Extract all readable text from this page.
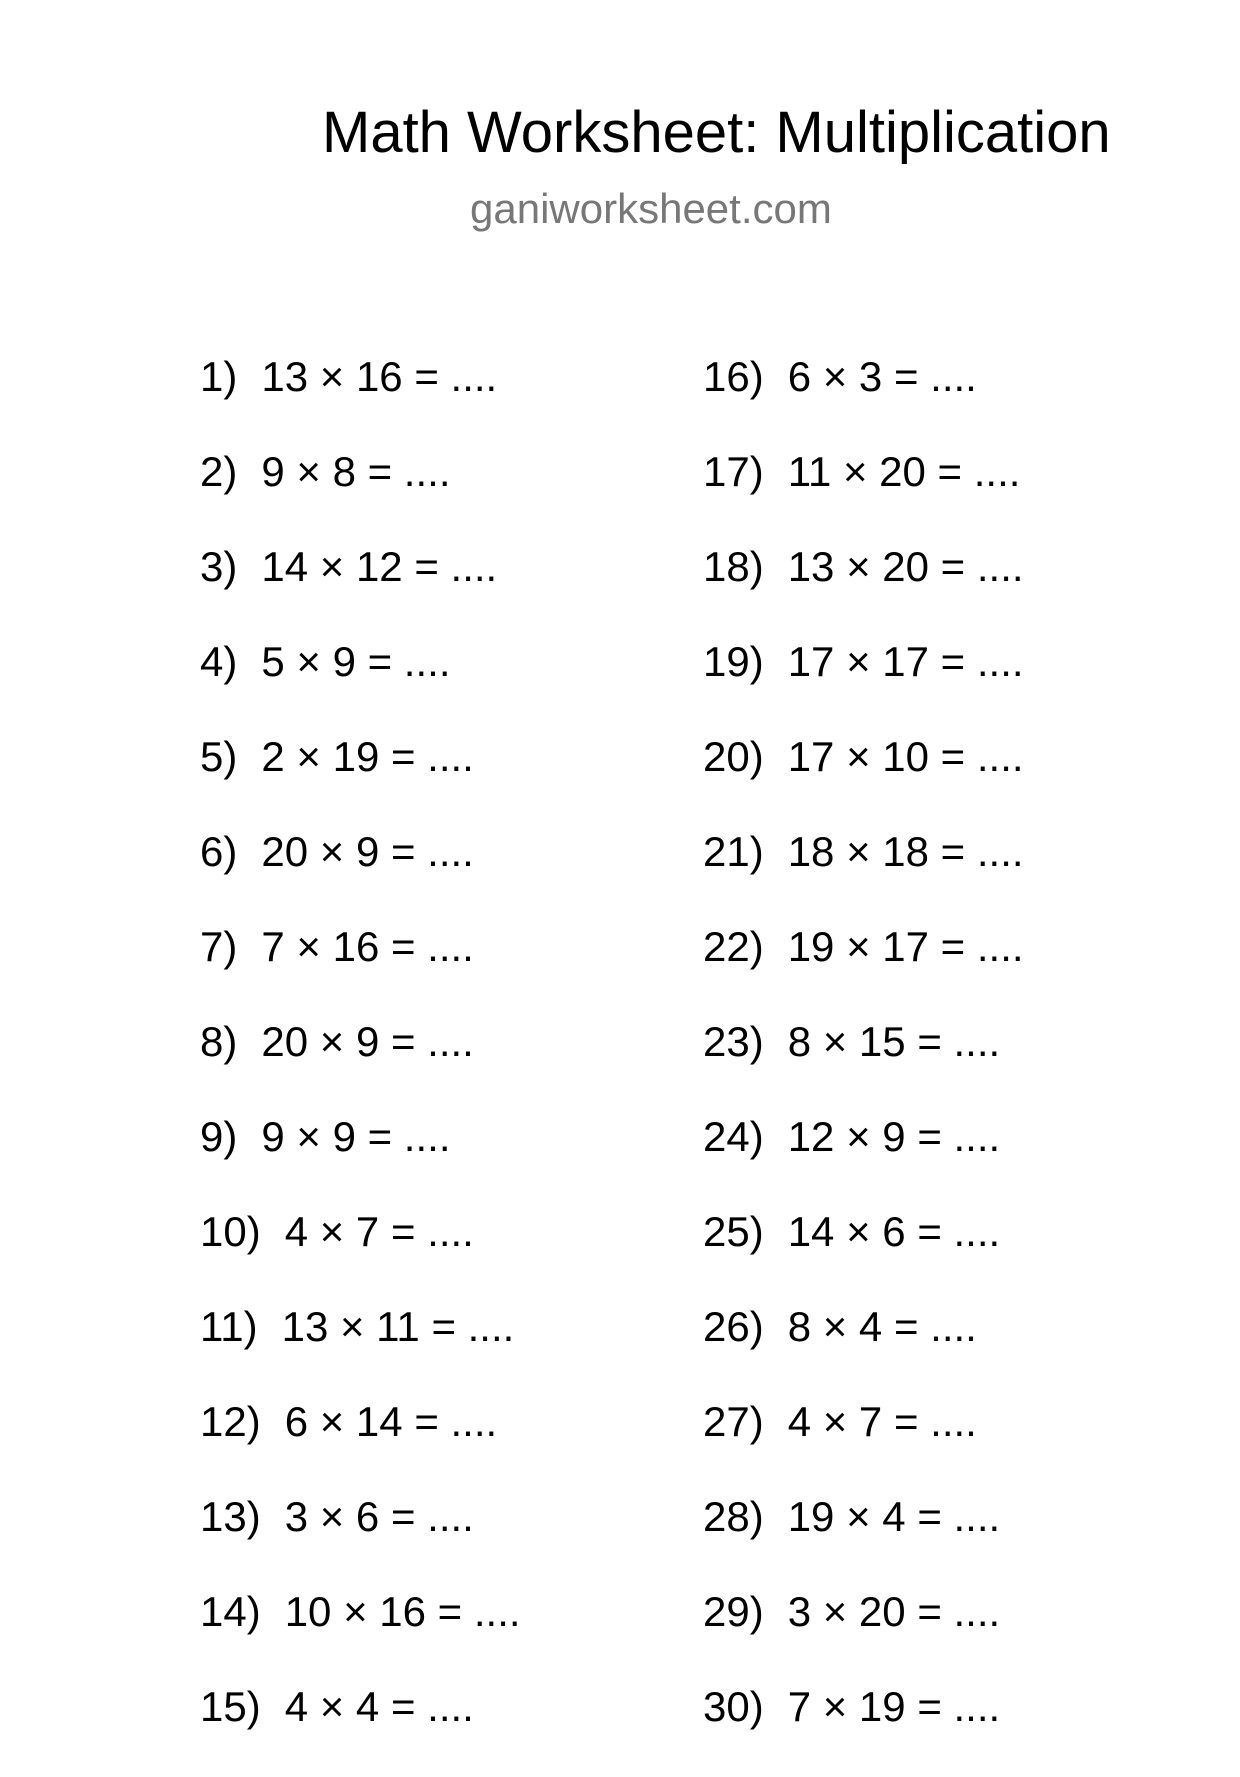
Math Worksheet: Multiplication
ganiworksheet.com
1) 13 × 16 = ....
2) 9 × 8 = ....
3) 14 × 12 = ....
4) 5 × 9 = ....
5) 2 × 19 = ....
6) 20 × 9 = ....
7) 7 × 16 = ....
8) 20 × 9 = ....
9) 9 × 9 = ....
10) 4 × 7 = ....
11) 13 × 11 = ....
12) 6 × 14 = ....
13) 3 × 6 = ....
14) 10 × 16 = ....
15) 4 × 4 = ....
16) 6 × 3 = ....
17) 11 × 20 = ....
18) 13 × 20 = ....
19) 17 × 17 = ....
20) 17 × 10 = ....
21) 18 × 18 = ....
22) 19 × 17 = ....
23) 8 × 15 = ....
24) 12 × 9 = ....
25) 14 × 6 = ....
26) 8 × 4 = ....
27) 4 × 7 = ....
28) 19 × 4 = ....
29) 3 × 20 = ....
30) 7 × 19 = ....
